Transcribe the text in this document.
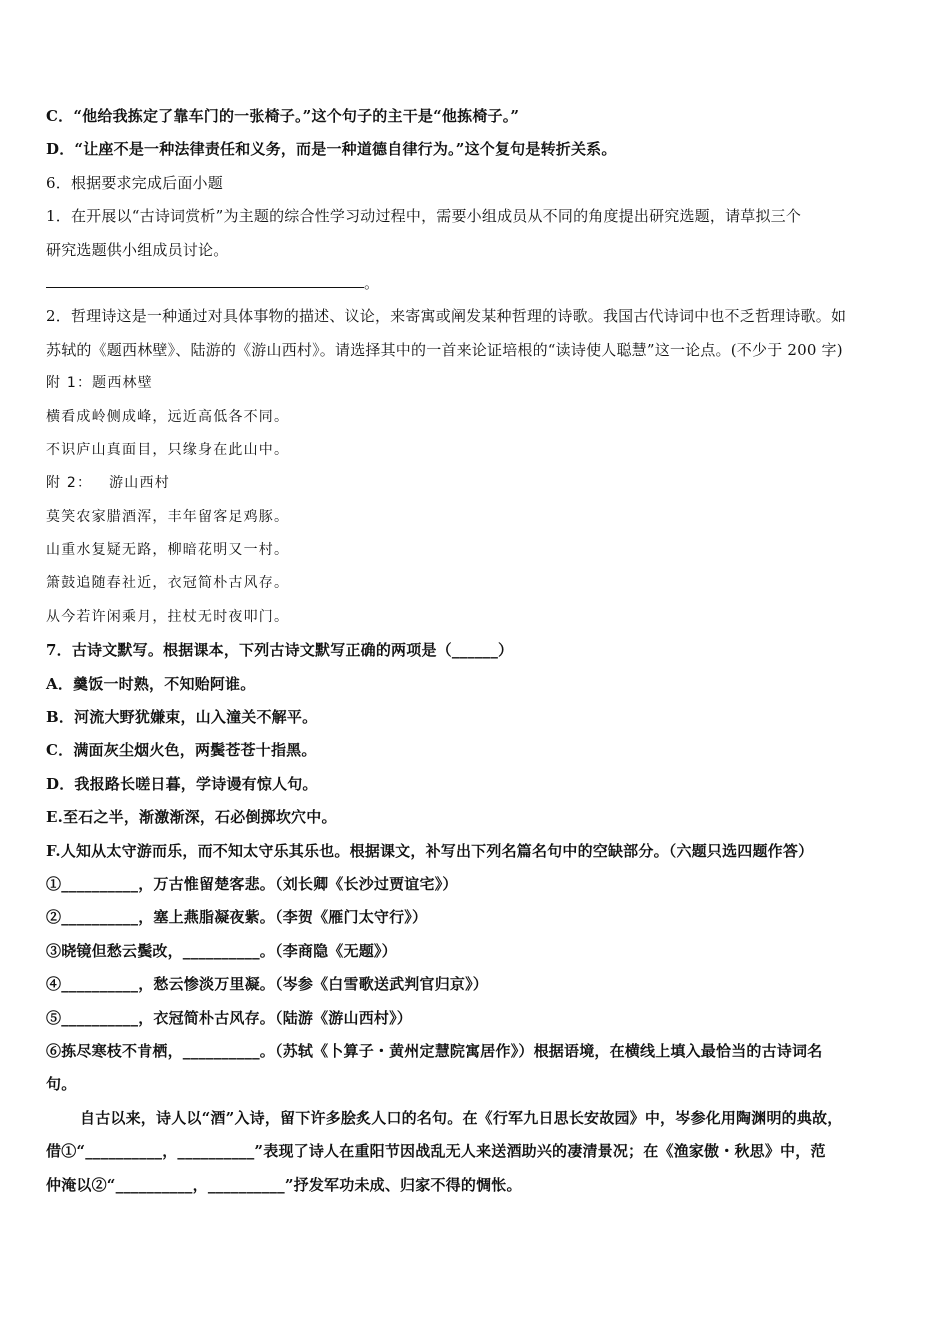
C．“他给我拣定了靠车门的一张椅子。”这个句子的主干是“他拣椅子。”
D．“让座不是一种法律责任和义务，而是一种道德自律行为。”这个复句是转折关系。
6．根据要求完成后面小题
1．在开展以“古诗词赏析”为主题的综合性学习动过程中，需要小组成员从不同的角度提出研究选题，请草拟三个
研究选题供小组成员讨论。
。
2．哲理诗这是一种通过对具体事物的描述、议论，来寄寓或阐发某种哲理的诗歌。我国古代诗词中也不乏哲理诗歌。如
苏轼的《题西林壁》、陆游的《游山西村》。请选择其中的一首来论证培根的“读诗使人聪慧”这一论点。(不少于 200 字)
附 1：题西林壁
横看成岭侧成峰，远近高低各不同。
不识庐山真面目，只缘身在此山中。
附 2：   游山西村
莫笑农家腊酒浑，丰年留客足鸡豚。
山重水复疑无路，柳暗花明又一村。
箫鼓追随春社近，衣冠简朴古风存。
从今若许闲乘月，拄杖无时夜叩门。
7．古诗文默写。根据课本，下列古诗文默写正确的两项是（______）
A．羹饭一时熟，不知贻阿谁。
B．河流大野犹嫌束，山入潼关不解平。
C．满面灰尘烟火色，两鬓苍苍十指黑。
D．我报路长嗟日暮，学诗谩有惊人句。
E.至石之半，渐激渐深，石必倒掷坎穴中。
F.人知从太守游而乐，而不知太守乐其乐也。根据课文，补写出下列名篇名句中的空缺部分。（六题只选四题作答）
①__________，万古惟留楚客悲。（刘长卿《长沙过贾谊宅》）
②__________，塞上燕脂凝夜紫。（李贺《雁门太守行》）
③晓镜但愁云鬓改，__________。（李商隐《无题》）
④__________，愁云惨淡万里凝。（岑参《白雪歌送武判官归京》）
⑤__________，衣冠简朴古风存。（陆游《游山西村》）
⑥拣尽寒枝不肯栖，__________。（苏轼《卜算子・黄州定慧院寓居作》）根据语境，在横线上填入最恰当的古诗词名
句。
自古以来，诗人以“酒”入诗，留下许多脍炙人口的名句。在《行军九日思长安故园》中，岑参化用陶渊明的典故，
借①“__________，__________”表现了诗人在重阳节因战乱无人来送酒助兴的凄清景况；在《渔家傲・秋思》中，范
仲淹以②“__________，__________”抒发军功未成、归家不得的惆怅。
